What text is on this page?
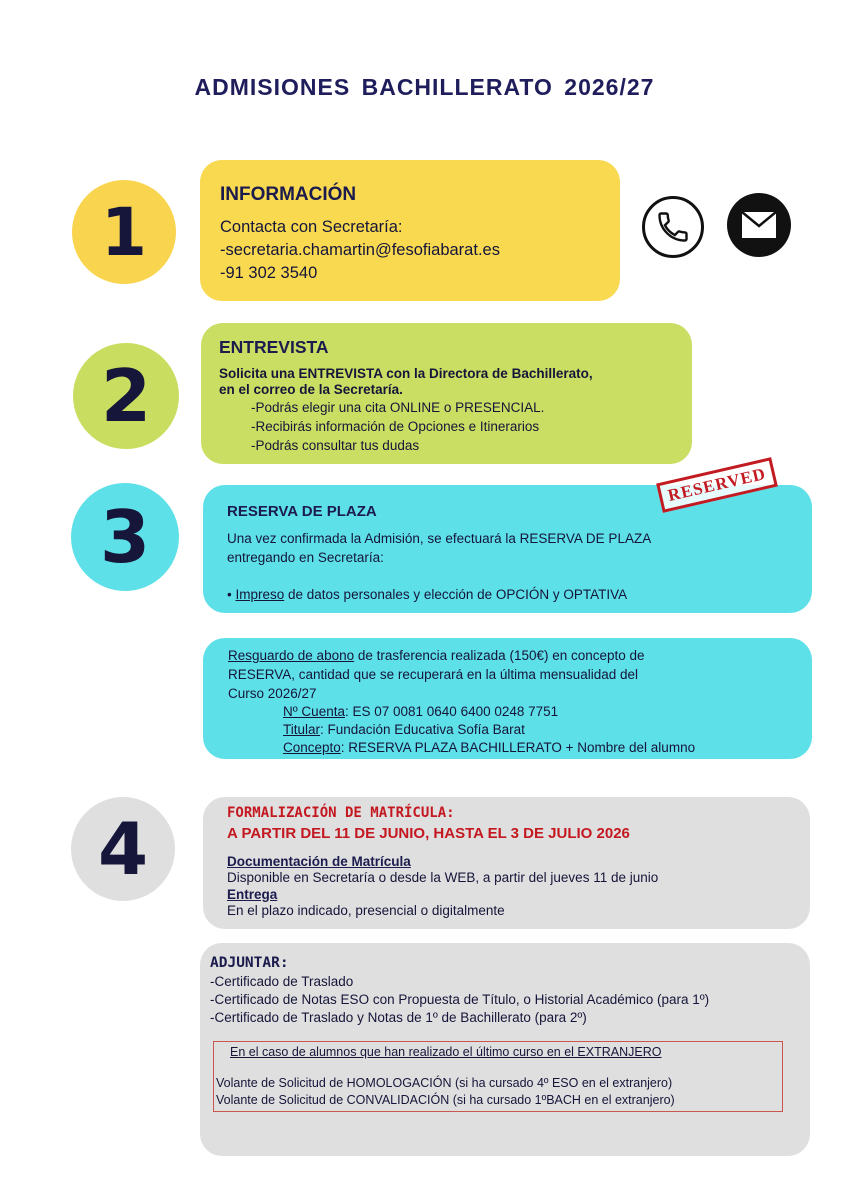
ADMISIONES BACHILLERATO 2026/27
1
2
3
4
INFORMACIÓN
Contacta con Secretaría:
-secretaria.chamartin@fesofiabarat.es
-91 302 3540
ENTREVISTA
Solicita una ENTREVISTA con la Directora de Bachillerato,
en el correo de la Secretaría.
-Podrás elegir una cita ONLINE o PRESENCIAL.
-Recibirás información de Opciones e Itinerarios
-Podrás consultar tus dudas
RESERVA DE PLAZA
Una vez confirmada la Admisión, se efectuará la RESERVA DE PLAZA
entregando en Secretaría:
• Impreso de datos personales y elección de OPCIÓN y OPTATIVA
RESERVED
Resguardo de abono de trasferencia realizada (150€) en concepto de
RESERVA, cantidad que se recuperará en la última mensualidad del
Curso 2026/27
Nº Cuenta: ES 07 0081 0640 6400 0248 7751
Titular: Fundación Educativa Sofía Barat
Concepto: RESERVA PLAZA BACHILLERATO + Nombre del alumno
FORMALIZACIÓN DE MATRÍCULA:
A PARTIR DEL 11 DE JUNIO, HASTA EL 3 DE JULIO 2026
Documentación de Matrícula
Disponible en Secretaría o desde la WEB, a partir del jueves 11 de junio
Entrega
En el plazo indicado, presencial o digitalmente
ADJUNTAR:
-Certificado de Traslado
-Certificado de Notas ESO con Propuesta de Título, o Historial Académico (para 1º)
-Certificado de Traslado y Notas de 1º de Bachillerato (para 2º)
En el caso de alumnos que han realizado el último curso en el EXTRANJERO
Volante de Solicitud de HOMOLOGACIÓN (si ha cursado 4º ESO en el extranjero)
Volante de Solicitud de CONVALIDACIÓN (si ha cursado 1ºBACH en el extranjero)
